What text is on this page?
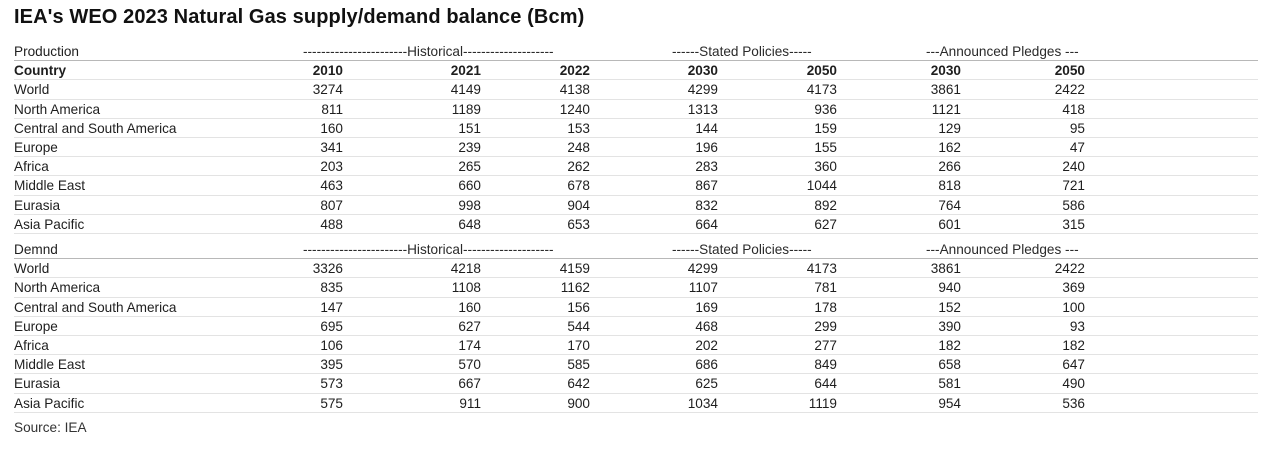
IEA's WEO 2023 Natural Gas supply/demand balance (Bcm)
Production	-----------------------Historical--------------------	------Stated Policies-----	---Announced Pledges ---
Country	2010	2021	2022	2030	2050	2030	2050
World	3274	4149	4138	4299	4173	3861	2422
North America	811	1189	1240	1313	936	1121	418
Central and South America	160	151	153	144	159	129	95
Europe	341	239	248	196	155	162	47
Africa	203	265	262	283	360	266	240
Middle East	463	660	678	867	1044	818	721
Eurasia	807	998	904	832	892	764	586
Asia Pacific	488	648	653	664	627	601	315
Demnd	-----------------------Historical--------------------	------Stated Policies-----	---Announced Pledges ---
World	3326	4218	4159	4299	4173	3861	2422
North America	835	1108	1162	1107	781	940	369
Central and South America	147	160	156	169	178	152	100
Europe	695	627	544	468	299	390	93
Africa	106	174	170	202	277	182	182
Middle East	395	570	585	686	849	658	647
Eurasia	573	667	642	625	644	581	490
Asia Pacific	575	911	900	1034	1119	954	536
Source: IEA
